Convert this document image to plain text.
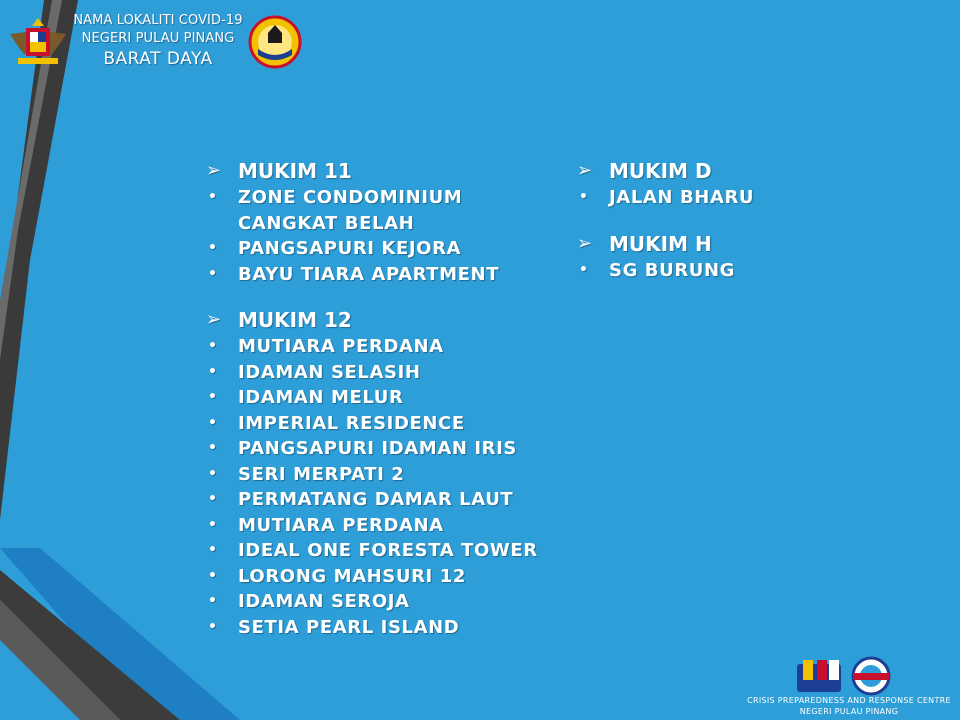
NAMA LOKALITI COVID-19
NEGERI PULAU PINANG
BARAT DAYA
➢ MUKIM 11
•	ZONE CONDOMINIUM CANGKAT BELAH
•	PANGSAPURI KEJORA
•	BAYU TIARA APARTMENT
➢ MUKIM 12
•	MUTIARA PERDANA
•	IDAMAN SELASIH
•	IDAMAN MELUR
•	IMPERIAL RESIDENCE
•	PANGSAPURI IDAMAN IRIS
•	SERI MERPATI 2
•	PERMATANG DAMAR LAUT
•	MUTIARA PERDANA
•	IDEAL ONE FORESTA TOWER
•	LORONG MAHSURI 12
•	IDAMAN SEROJA
•	SETIA PEARL ISLAND
➢ MUKIM D
•	JALAN BHARU
➢ MUKIM H
•	SG BURUNG
CRISIS PREPAREDNESS AND RESPONSE CENTRE
NEGERI PULAU PINANG
